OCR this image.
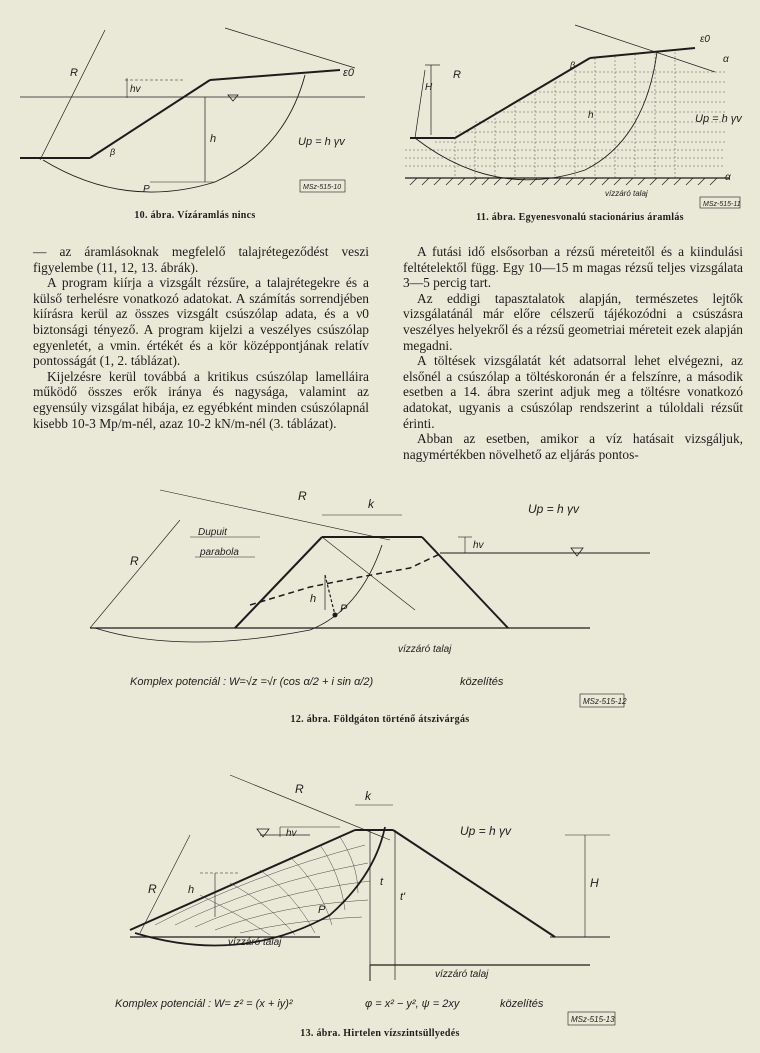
R
hv
ε0
h
β
P
Up = h γv
MSz-515-10
10. ábra. Vízáramlás nincs
R
H
ε0
β	α
α
h	Up = h γv
vízzáró talaj
MSz-515-11
11. ábra. Egyenesvonalú stacionárius áramlás

— az áramlásoknak megfelelő talajrétegeződést veszi figyelembe (11, 12, 13. ábrák).

A program kiírja a vizsgált rézsűre, a talajrétegekre és a külső terhelésre vonatkozó adatokat. A számítás sorrendjében kiírásra kerül az összes vizsgált csúszólap adata, és a ν0 biztonsági tényező. A program kijelzi a veszélyes csúszólap egyenletét, a νmin. értékét és a kör középpontjának relatív pontosságát (1, 2. táblázat).

Kijelzésre kerül továbbá a kritikus csúszólap lamelláira működő összes erők iránya és nagysága, valamint az egyensúly vizsgálat hibája, ez egyébként minden csúszólapnál kisebb 10-3 Mp/m-nél, azaz 10-2 kN/m-nél (3. táblázat).

A futási idő elsősorban a rézsű méreteitől és a kiindulási feltételektől függ. Egy 10—15 m magas rézsű teljes vizsgálata 3—5 percig tart.

Az eddigi tapasztalatok alapján, természetes lejtők vizsgálatánál már előre célszerű tájékozódni a csúszásra veszélyes helyekről és a rézsű geometriai méreteit ezek alapján megadni.

A töltések vizsgálatát két adatsorral lehet elvégezni, az elsőnél a csúszólap a töltéskoronán ér a felszínre, a második esetben a 14. ábra szerint adjuk meg a töltésre vonatkozó adatokat, ugyanis a csúszólap rendszerint a túloldali rézsűt érinti.

Abban az esetben, amikor a víz hatásait vizsgáljuk, nagymértékben növelhető az eljárás pontos-

R
R
k	Up = h γv
Dupuit
parabola
hv
h
P
vízzáró talaj
Komplex potenciál : W=√z =√r (cos α/2 + i sin α/2)	közelítés
MSz-515-12
12. ábra. Földgáton történő átszivárgás
R
R
k
hv	Up = h γv
h
t
t'
H
P
vízzáró talaj
vízzáró talaj
Komplex potenciál : W= z² = (x + iy)²	φ = x² − y², ψ = 2xy	közelítés
MSz-515-13
13. ábra. Hirtelen vízszintsüllyedés
